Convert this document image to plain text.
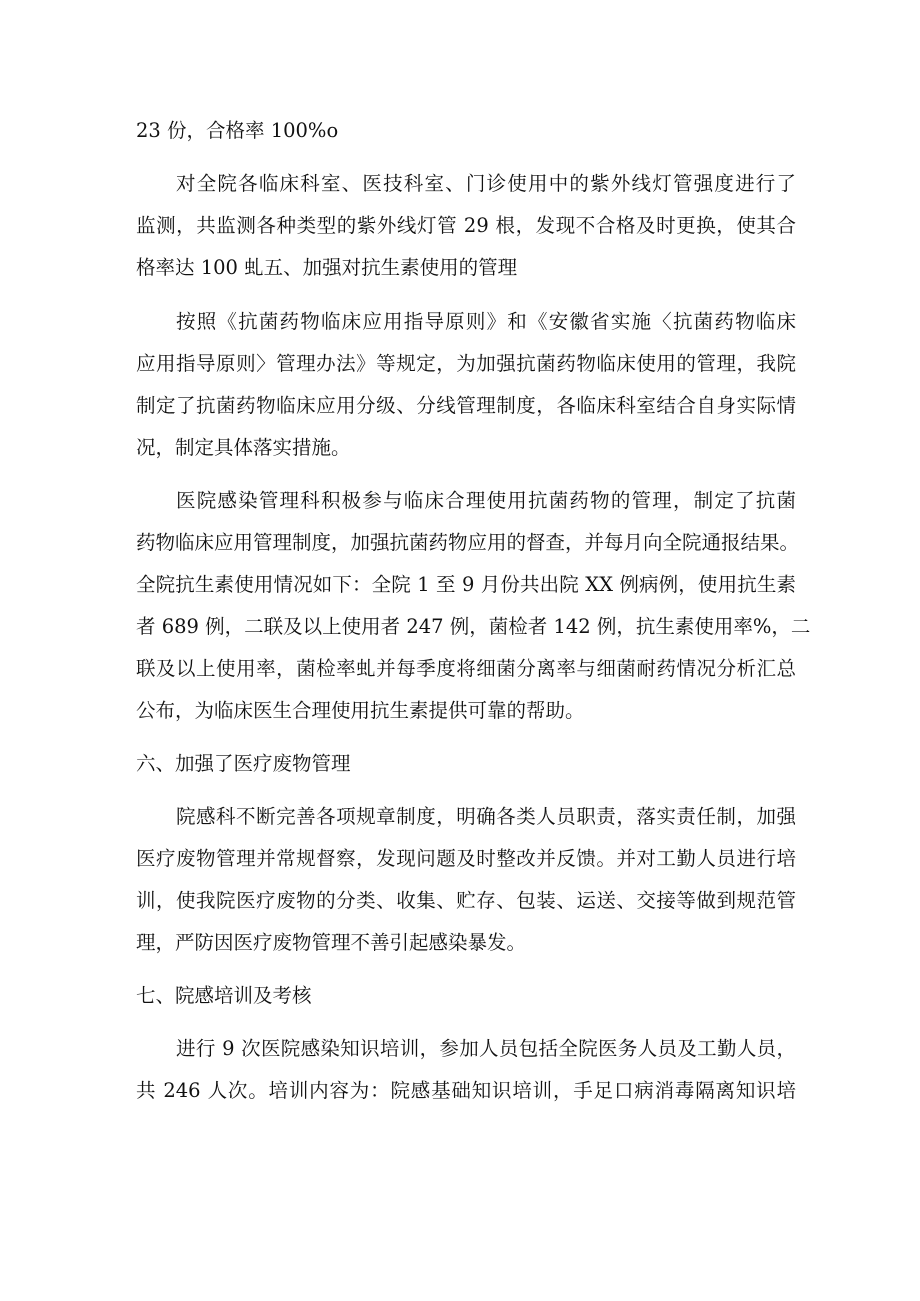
23 份，合格率 100%o
对全院各临床科室、医技科室、门诊使用中的紫外线灯管强度进行了
监测，共监测各种类型的紫外线灯管 29 根，发现不合格及时更换，使其合
格率达 100 虬五、加强对抗生素使用的管理
按照《抗菌药物临床应用指导原则》和《安徽省实施〈抗菌药物临床
应用指导原则〉管理办法》等规定，为加强抗菌药物临床使用的管理，我院
制定了抗菌药物临床应用分级、分线管理制度，各临床科室结合自身实际情
况，制定具体落实措施。
医院感染管理科积极参与临床合理使用抗菌药物的管理，制定了抗菌
药物临床应用管理制度，加强抗菌药物应用的督查，并每月向全院通报结果。
全院抗生素使用情况如下：全院 1 至 9 月份共出院 XX 例病例，使用抗生素
者 689 例，二联及以上使用者 247 例，菌检者 142 例，抗生素使用率%，二
联及以上使用率，菌检率虬并每季度将细菌分离率与细菌耐药情况分析汇总
公布，为临床医生合理使用抗生素提供可靠的帮助。
六、加强了医疗废物管理
院感科不断完善各项规章制度，明确各类人员职责，落实责任制，加强
医疗废物管理并常规督察，发现问题及时整改并反馈。并对工勤人员进行培
训，使我院医疗废物的分类、收集、贮存、包装、运送、交接等做到规范管
理，严防因医疗废物管理不善引起感染暴发。
七、院感培训及考核
进行 9 次医院感染知识培训，参加人员包括全院医务人员及工勤人员，
共 246 人次。培训内容为：院感基础知识培训，手足口病消毒隔离知识培
